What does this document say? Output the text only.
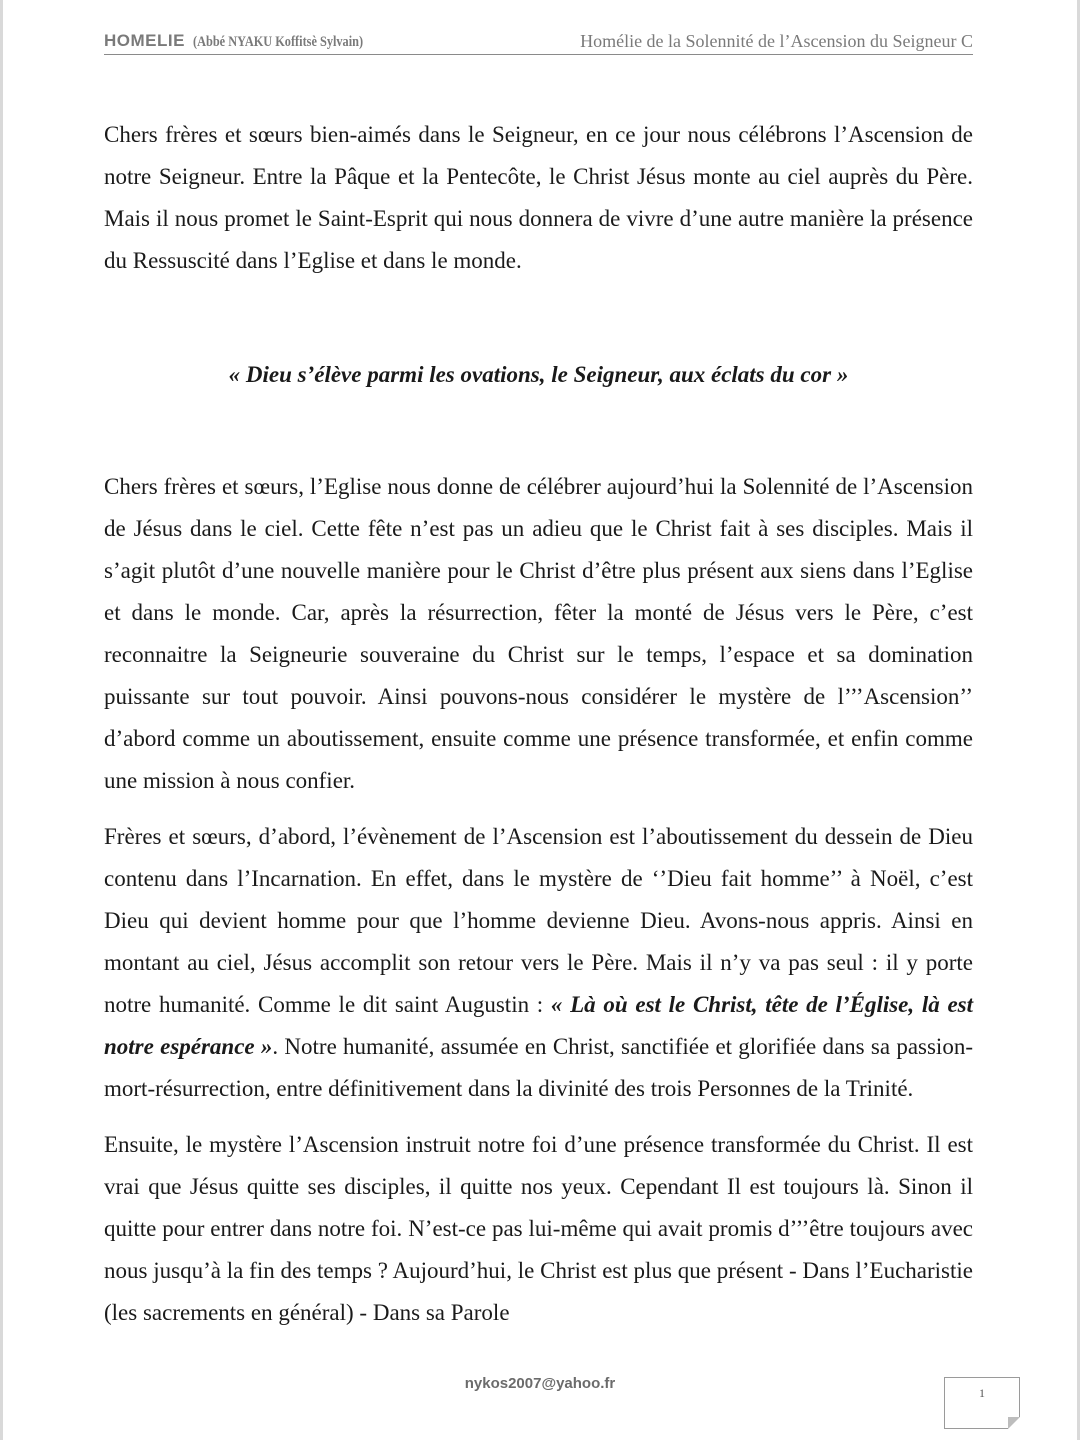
HOMELIE (Abbé NYAKU Koffitsè Sylvain)	Homélie de la Solennité de l’Ascension du Seigneur C

Chers frères et sœurs bien-aimés dans le Seigneur, en ce jour nous célébrons l’Ascension de notre Seigneur. Entre la Pâque et la Pentecôte, le Christ Jésus monte au ciel auprès du Père. Mais il nous promet le Saint-Esprit qui nous donnera de vivre d’une autre manière la présence du Ressuscité dans l’Eglise et dans le monde.

« Dieu s’élève parmi les ovations, le Seigneur, aux éclats du cor »

Chers frères et sœurs, l’Eglise nous donne de célébrer aujourd’hui la Solennité de l’Ascension de Jésus dans le ciel. Cette fête n’est pas un adieu que le Christ fait à ses disciples. Mais il s’agit plutôt d’une nouvelle manière pour le Christ d’être plus présent aux siens dans l’Eglise et dans le monde. Car, après la résurrection, fêter la monté de Jésus vers le Père, c’est reconnaitre la Seigneurie souveraine du Christ sur le temps, l’espace et sa domination puissante sur tout pouvoir. Ainsi pouvons-nous considérer le mystère de l’’’Ascension’’ d’abord comme un aboutissement, ensuite comme une présence transformée, et enfin comme une mission à nous confier.

Frères et sœurs, d’abord, l’évènement de l’Ascension est l’aboutissement du dessein de Dieu contenu dans l’Incarnation. En effet, dans le mystère de ‘’Dieu fait homme’’ à Noël, c’est Dieu qui devient homme pour que l’homme devienne Dieu. Avons-nous appris. Ainsi en montant au ciel, Jésus accomplit son retour vers le Père. Mais il n’y va pas seul : il y porte notre humanité. Comme le dit saint Augustin : « Là où est le Christ, tête de l’Église, là est notre espérance ». Notre humanité, assumée en Christ, sanctifiée et glorifiée dans sa passion-mort-résurrection, entre définitivement dans la divinité des trois Personnes de la Trinité.

Ensuite, le mystère l’Ascension instruit notre foi d’une présence transformée du Christ. Il est vrai que Jésus quitte ses disciples, il quitte nos yeux. Cependant Il est toujours là. Sinon il quitte pour entrer dans notre foi. N’est-ce pas lui-même qui avait promis d’’’être toujours avec nous jusqu’à la fin des temps ? Aujourd’hui, le Christ est plus que présent - Dans l’Eucharistie (les sacrements en général) - Dans sa Parole

nykos2007@yahoo.fr
1
